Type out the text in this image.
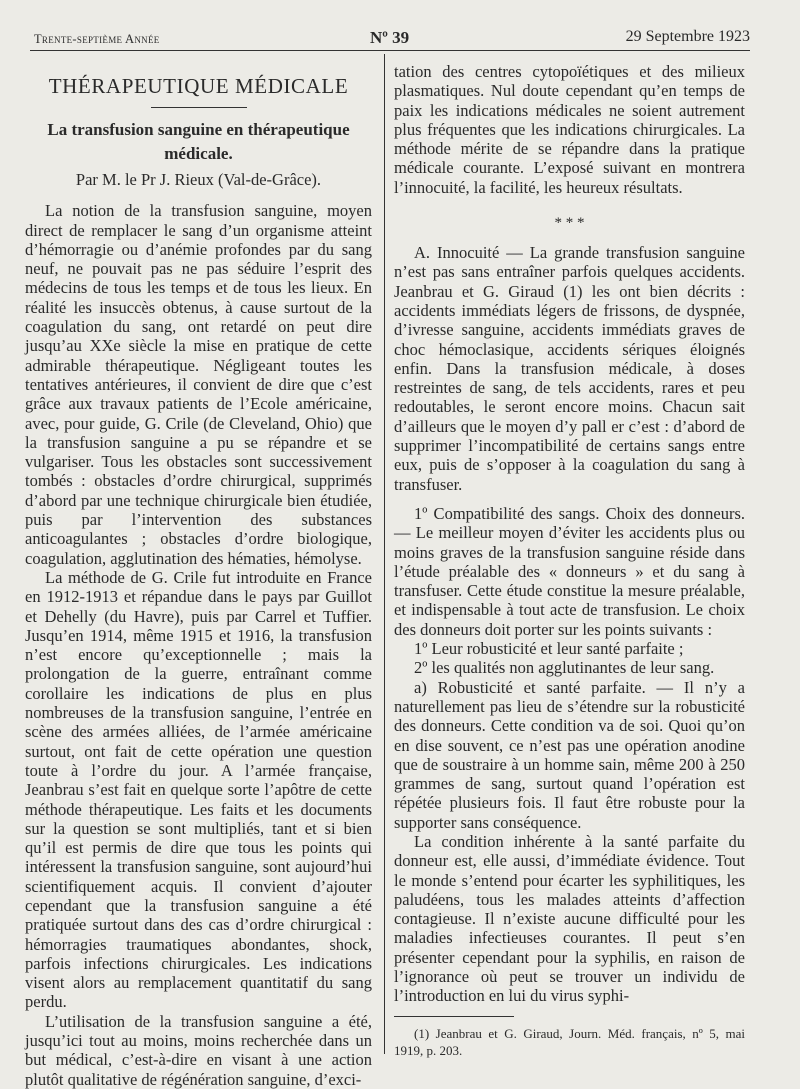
Trente-septième Année	Nº 39	29 Septembre 1923
THÉRAPEUTIQUE MÉDICALE
La transfusion sanguine en thérapeutique médicale.
Par M. le Pr J. Rieux (Val-de-Grâce).

La notion de la transfusion sanguine, moyen direct de remplacer le sang d’un organisme atteint d’hémorragie ou d’anémie profondes par du sang neuf, ne pouvait pas ne pas séduire l’esprit des médecins de tous les temps et de tous les lieux. En réalité les insuccès obtenus, à cause surtout de la coagulation du sang, ont retardé on peut dire jusqu’au XXe siècle la mise en pratique de cette admirable thérapeutique. Négligeant toutes les tentatives antérieures, il convient de dire que c’est grâce aux travaux patients de l’Ecole américaine, avec, pour guide, G. Crile (de Cleveland, Ohio) que la transfusion sanguine a pu se répandre et se vulgariser. Tous les obstacles sont successivement tombés : obstacles d’ordre chirurgical, supprimés d’abord par une technique chirurgicale bien étudiée, puis par l’intervention des substances anticoagulantes ; obstacles d’ordre biologique, coagulation, agglutination des hématies, hémolyse.

La méthode de G. Crile fut introduite en France en 1912-1913 et répandue dans le pays par Guillot et Dehelly (du Havre), puis par Carrel et Tuffier. Jusqu’en 1914, même 1915 et 1916, la transfusion n’est encore qu’exceptionnelle ; mais la prolongation de la guerre, entraînant comme corollaire les indications de plus en plus nombreuses de la transfusion sanguine, l’entrée en scène des armées alliées, de l’armée américaine surtout, ont fait de cette opération une question toute à l’ordre du jour. A l’armée française, Jeanbrau s’est fait en quelque sorte l’apôtre de cette méthode thérapeutique. Les faits et les documents sur la question se sont multipliés, tant et si bien qu’il est permis de dire que tous les points qui intéressent la transfusion sanguine, sont aujourd’hui scientifiquement acquis. Il convient d’ajouter cependant que la transfusion sanguine a été pratiquée surtout dans des cas d’ordre chirurgical : hémorragies traumatiques abondantes, shock, parfois infections chirurgicales. Les indications visent alors au remplacement quantitatif du sang perdu.

L’utilisation de la transfusion sanguine a été, jusqu’ici tout au moins, moins recherchée dans un but médical, c’est-à-dire en visant à une action plutôt qualitative de régénération sanguine, d’exci-

tation des centres cytopoïétiques et des milieux plasmatiques. Nul doute cependant qu’en temps de paix les indications médicales ne soient autrement plus fréquentes que les indications chirurgicales. La méthode mérite de se répandre dans la pratique médicale courante. L’exposé suivant en montrera l’innocuité, la facilité, les heureux résultats.

* * *

A. Innocuité — La grande transfusion sanguine n’est pas sans entraîner parfois quelques accidents. Jeanbrau et G. Giraud (1) les ont bien décrits : accidents immédiats légers de frissons, de dyspnée, d’ivresse sanguine, accidents immédiats graves de choc hémoclasique, accidents sériques éloignés enfin. Dans la transfusion médicale, à doses restreintes de sang, de tels accidents, rares et peu redoutables, le seront encore moins. Chacun sait d’ailleurs que le moyen d’y pall er c’est : d’abord de supprimer l’incompatibilité de certains sangs entre eux, puis de s’opposer à la coagulation du sang à transfuser.

1º Compatibilité des sangs. Choix des donneurs. — Le meilleur moyen d’éviter les accidents plus ou moins graves de la transfusion sanguine réside dans l’étude préalable des « donneurs » et du sang à transfuser. Cette étude constitue la mesure préalable, et indispensable à tout acte de transfusion. Le choix des donneurs doit porter sur les points suivants :

1º Leur robusticité et leur santé parfaite ;

2º les qualités non agglutinantes de leur sang.

a) Robusticité et santé parfaite. — Il n’y a naturellement pas lieu de s’étendre sur la robusticité des donneurs. Cette condition va de soi. Quoi qu’on en dise souvent, ce n’est pas une opération anodine que de soustraire à un homme sain, même 200 à 250 grammes de sang, surtout quand l’opération est répétée plusieurs fois. Il faut être robuste pour la supporter sans conséquence.

La condition inhérente à la santé parfaite du donneur est, elle aussi, d’immédiate évidence. Tout le monde s’entend pour écarter les syphilitiques, les paludéens, tous les malades atteints d’affection contagieuse. Il n’existe aucune difficulté pour les maladies infectieuses courantes. Il peut s’en présenter cependant pour la syphilis, en raison de l’ignorance où peut se trouver un individu de l’introduction en lui du virus syphi-

(1) Jeanbrau et G. Giraud, Journ. Méd. français, nº 5, mai 1919, p. 203.
